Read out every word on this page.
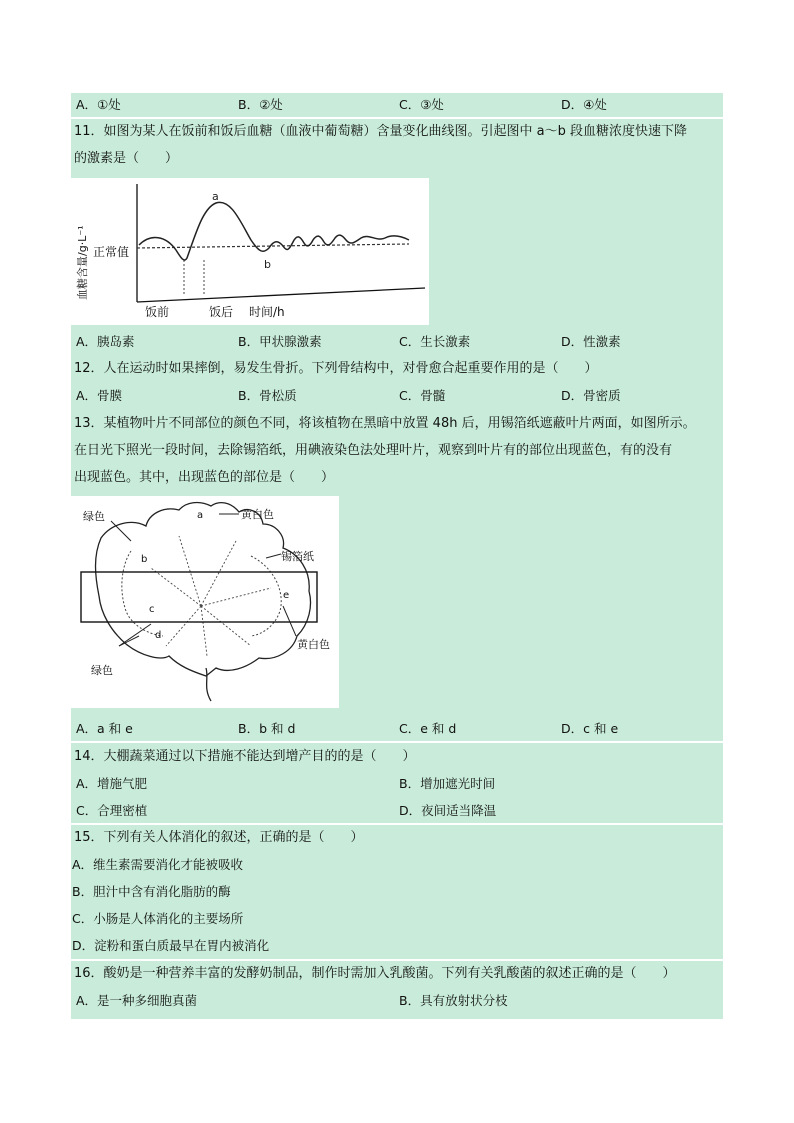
A．①处	B．②处	C．③处	D．④处
11．如图为某人在饭前和饭后血糖（血液中葡萄糖）含量变化曲线图。引起图中 a～b 段血糖浓度快速下降
的激素是（　　）
a
b
正常值
饭前	饭后 时间/h
血糖含量/g·L⁻¹
A．胰岛素	B．甲状腺激素	C．生长激素	D．性激素
12．人在运动时如果摔倒，易发生骨折。下列骨结构中，对骨愈合起重要作用的是（　　）
A．骨膜	B．骨松质	C．骨髓	D．骨密质
13．某植物叶片不同部位的颜色不同，将该植物在黑暗中放置 48h 后，用锡箔纸遮蔽叶片两面，如图所示。
在日光下照光一段时间，去除锡箔纸，用碘液染色法处理叶片，观察到叶片有的部位出现蓝色，有的没有
出现蓝色。其中，出现蓝色的部位是（　　）
绿色	黄白色
锡箔纸
黄白色
绿色
a
b
c
d
e
A．a 和 e	B．b 和 d	C．e 和 d	D．c 和 e
14．大棚蔬菜通过以下措施不能达到增产目的的是（　　）
A．增施气肥	B．增加遮光时间
C．合理密植	D．夜间适当降温
15．下列有关人体消化的叙述，正确的是（　　）
A．维生素需要消化才能被吸收
B．胆汁中含有消化脂肪的酶
C．小肠是人体消化的主要场所
D．淀粉和蛋白质最早在胃内被消化
16．酸奶是一种营养丰富的发酵奶制品，制作时需加入乳酸菌。下列有关乳酸菌的叙述正确的是（　　）
A．是一种多细胞真菌	B．具有放射状分枝
